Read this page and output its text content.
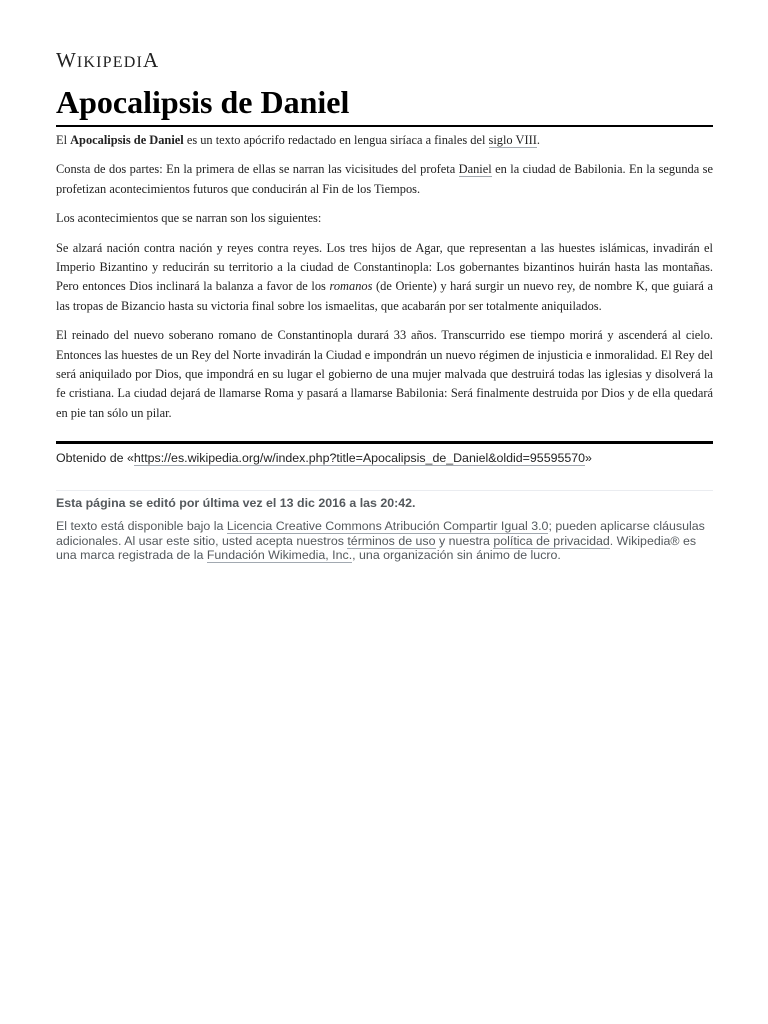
WIKIPEDIA
Apocalipsis de Daniel

El Apocalipsis de Daniel es un texto apócrifo redactado en lengua siríaca a finales del siglo VIII.

Consta de dos partes: En la primera de ellas se narran las vicisitudes del profeta Daniel en la ciudad de Babilonia. En la segunda se profetizan acontecimientos futuros que conducirán al Fin de los Tiempos.

Los acontecimientos que se narran son los siguientes:

Se alzará nación contra nación y reyes contra reyes. Los tres hijos de Agar, que representan a las huestes islámicas, invadirán el Imperio Bizantino y reducirán su territorio a la ciudad de Constantinopla: Los gobernantes bizantinos huirán hasta las montañas. Pero entonces Dios inclinará la balanza a favor de los romanos (de Oriente) y hará surgir un nuevo rey, de nombre K, que guiará a las tropas de Bizancio hasta su victoria final sobre los ismaelitas, que acabarán por ser totalmente aniquilados.

El reinado del nuevo soberano romano de Constantinopla durará 33 años. Transcurrido ese tiempo morirá y ascenderá al cielo. Entonces las huestes de un Rey del Norte invadirán la Ciudad e impondrán un nuevo régimen de injusticia e inmoralidad. El Rey del será aniquilado por Dios, que impondrá en su lugar el gobierno de una mujer malvada que destruirá todas las iglesias y disolverá la fe cristiana. La ciudad dejará de llamarse Roma y pasará a llamarse Babilonia: Será finalmente destruida por Dios y de ella quedará en pie tan sólo un pilar.

Obtenido de «https://es.wikipedia.org/w/index.php?title=Apocalipsis_de_Daniel&oldid=95595570»

Esta página se editó por última vez el 13 dic 2016 a las 20:42.

El texto está disponible bajo la Licencia Creative Commons Atribución Compartir Igual 3.0; pueden aplicarse cláusulas adicionales. Al usar este sitio, usted acepta nuestros términos de uso y nuestra política de privacidad. Wikipedia® es una marca registrada de la Fundación Wikimedia, Inc., una organización sin ánimo de lucro.
